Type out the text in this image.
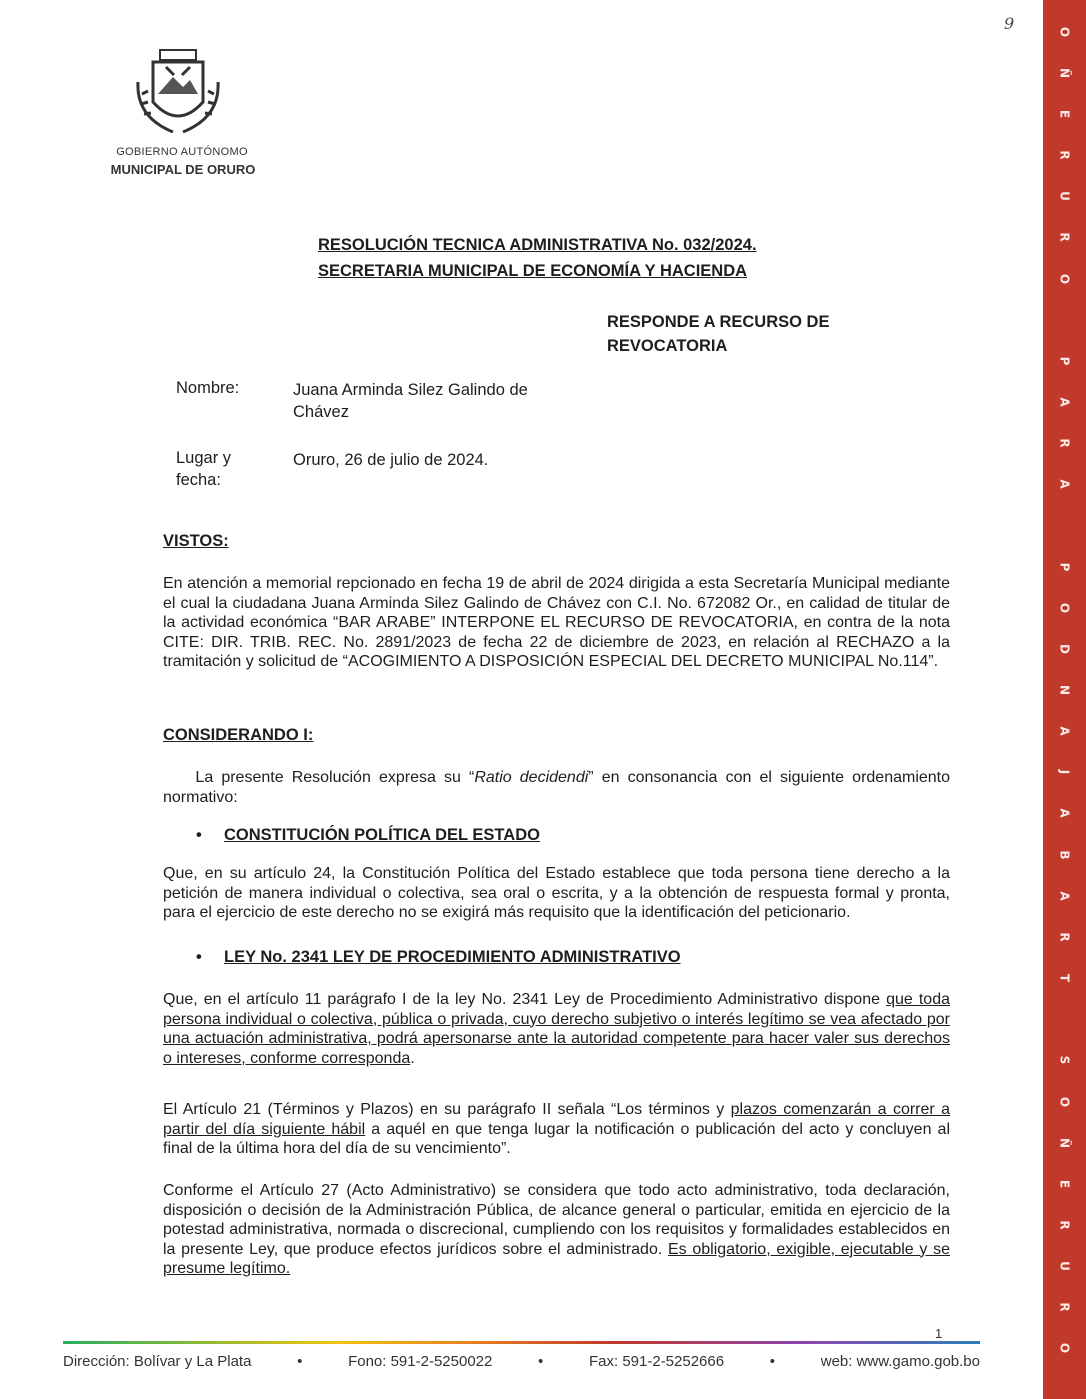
O
Ñ
E
R
U
R
O
P
A
R
A
P
O
D
N
A
J
A
B
A
R
T
S
O
Ñ
E
R
U
R
O
9
GOBIERNO AUTÓNOMO
MUNICIPAL DE ORURO
RESOLUCIÓN TECNICA ADMINISTRATIVA No. 032/2024.
SECRETARIA MUNICIPAL DE ECONOMÍA Y HACIENDA
RESPONDE A RECURSO DE
REVOCATORIA
Nombre:	Juana Arminda Silez Galindo de
Chávez
Lugar y
fecha:
Oruro, 26 de julio de 2024.
VISTOS:
En atención a memorial repcionado en fecha 19 de abril de 2024 dirigida a esta Secretaría Municipal mediante el cual la ciudadana Juana Arminda Silez Galindo de Chávez con C.I. No. 672082 Or., en calidad de titular de la actividad económica “BAR ARABE” INTERPONE EL RECURSO DE REVOCATORIA, en contra de la nota CITE: DIR. TRIB. REC. No. 2891/2023 de fecha 22 de diciembre de 2023, en relación al RECHAZO a la tramitación y solicitud de “ACOGIMIENTO A DISPOSICIÓN ESPECIAL DEL DECRETO MUNICIPAL No.114”.
CONSIDERANDO I:
La presente Resolución expresa su “Ratio decidendi” en consonancia con el siguiente ordenamiento normativo:
• CONSTITUCIÓN POLÍTICA DEL ESTADO
Que, en su artículo 24, la Constitución Política del Estado establece que toda persona tiene derecho a la petición de manera individual o colectiva, sea oral o escrita, y a la obtención de respuesta formal y pronta, para el ejercicio de este derecho no se exigirá más requisito que la identificación del peticionario.
• LEY No. 2341 LEY DE PROCEDIMIENTO ADMINISTRATIVO
Que, en el artículo 11 parágrafo I de la ley No. 2341 Ley de Procedimiento Administrativo dispone que toda persona individual o colectiva, pública o privada, cuyo derecho subjetivo o interés legítimo se vea afectado por una actuación administrativa, podrá apersonarse ante la autoridad competente para hacer valer sus derechos o intereses, conforme corresponda.
El Artículo 21 (Términos y Plazos) en su parágrafo II señala “Los términos y plazos comenzarán a correr a partir del día siguiente hábil a aquél en que tenga lugar la notificación o publicación del acto y concluyen al final de la última hora del día de su vencimiento”.
Conforme el Artículo 27 (Acto Administrativo) se considera que todo acto administrativo, toda declaración, disposición o decisión de la Administración Pública, de alcance general o particular, emitida en ejercicio de la potestad administrativa, normada o discrecional, cumpliendo con los requisitos y formalidades establecidos en la presente Ley, que produce efectos jurídicos sobre el administrado. Es obligatorio, exigible, ejecutable y se presume legítimo.
1
Dirección: Bolívar y La Plata	•	Fono: 591-2-5250022	•	Fax: 591-2-5252666	•	web: www.gamo.gob.bo
